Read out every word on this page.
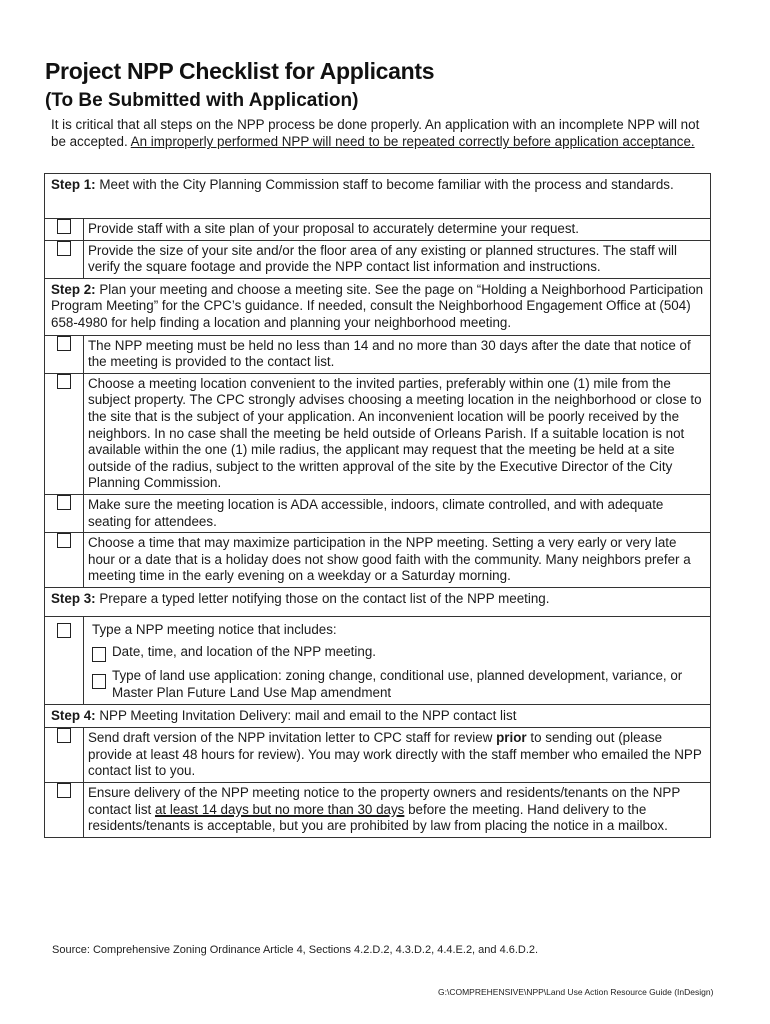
Project NPP Checklist for Applicants
(To Be Submitted with Application)
It is critical that all steps on the NPP process be done properly. An application with an incomplete NPP will not be accepted. An improperly performed NPP will need to be repeated correctly before application acceptance.
Step 1: Meet with the City Planning Commission staff to become familiar with the process and standards.	
	Provide staff with a site plan of your proposal to accurately determine your request.
	Provide the size of your site and/or the floor area of any existing or planned structures. The staff will verify the square footage and provide the NPP contact list information and instructions.
Step 2: Plan your meeting and choose a meeting site. See the page on “Holding a Neighborhood Participation Program Meeting” for the CPC’s guidance. If needed, consult the Neighborhood Engagement Office at (504) 658-4980 for help finding a location and planning your neighborhood meeting.	
	The NPP meeting must be held no less than 14 and no more than 30 days after the date that notice of the meeting is provided to the contact list.
	Choose a meeting location convenient to the invited parties, preferably within one (1) mile from the subject property. The CPC strongly advises choosing a meeting location in the neighborhood or close to the site that is the subject of your application. An inconvenient location will be poorly received by the neighbors. In no case shall the meeting be held outside of Orleans Parish. If a suitable location is not available within the one (1) mile radius, the applicant may request that the meeting be held at a site outside of the radius, subject to the written approval of the site by the Executive Director of the City Planning Commission.
	Make sure the meeting location is ADA accessible, indoors, climate controlled, and with adequate seating for attendees.
	Choose a time that may maximize participation in the NPP meeting. Setting a very early or very late hour or a date that is a holiday does not show good faith with the community. Many neighbors prefer a meeting time in the early evening on a weekday or a Saturday morning.
Step 3: Prepare a typed letter notifying those on the contact list of the NPP meeting.	

	Type a NPP meeting notice that includes:
Date, time, and location of the NPP meeting.
Type of land use application: zoning change, conditional use, planned development, variance, or Master Plan Future Land Use Map amendment

Step 4: NPP Meeting Invitation Delivery: mail and email to the NPP contact list	
	Send draft version of the NPP invitation letter to CPC staff for review prior to sending out (please provide at least 48 hours for review). You may work directly with the staff member who emailed the NPP contact list to you.
	Ensure delivery of the NPP meeting notice to the property owners and residents/tenants on the NPP contact list at least 14 days but no more than 30 days before the meeting. Hand delivery to the residents/tenants is acceptable, but you are prohibited by law from placing the notice in a mailbox.
Source: Comprehensive Zoning Ordinance Article 4, Sections 4.2.D.2, 4.3.D.2, 4.4.E.2, and 4.6.D.2.
G:\COMPREHENSIVE\NPP\Land Use Action Resource Guide (InDesign)
